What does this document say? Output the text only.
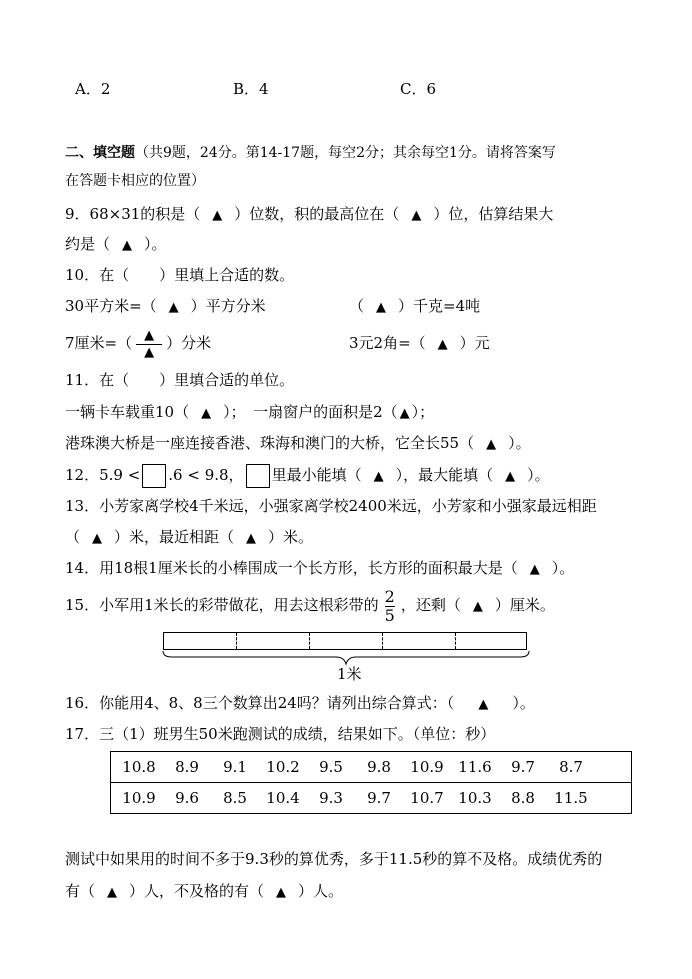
A．2	B．4	C．6
二、填空题（共9题，24分。第14-17题，每空2分；其余每空1分。请将答案写
在答题卡相应的位置）
9．68×31的积是（ ▲ ）位数，积的最高位在（ ▲ ）位，估算结果大
约是（ ▲ ）。
10．在（　　）里填上合适的数。
30平方米=（ ▲ ）平方分米	（ ▲ ）千克=4吨
7厘米=（ $\frac{▲}{▲}$ ）分米	3元2角=（ ▲ ）元
11．在（　　）里填合适的单位。
一辆卡车载重10（ ▲ ）；　一扇窗户的面积是2（ ▲ ）；
港珠澳大桥是一座连接香港、珠海和澳门的大桥，它全长55（ ▲ ）。
12．5.9 < .6 < 9.8， 里最小能填（ ▲ ），最大能填（ ▲ ）。
13．小芳家离学校4千米远，小强家离学校2400米远，小芳家和小强家最远相距
（ ▲ ）米，最近相距（ ▲ ）米。
14．用18根1厘米长的小棒围成一个长方形，长方形的面积最大是（ ▲ ）。
15．小军用1米长的彩带做花，用去这根彩带的 $\frac{2}{5}$ ，还剩（ ▲ ）厘米。
1米
16．你能用4、8、8三个数算出24吗？请列出综合算式：（ ▲ ）。
17．三（1）班男生50米跑测试的成绩，结果如下。（单位：秒）
10.8 8.9 9.1 10.2 9.5 9.8 10.9 11.6 9.7 8.7
10.9 9.6 8.5 10.4 9.3 9.7 10.7 10.3 8.8 11.5
测试中如果用的时间不多于9.3秒的算优秀，多于11.5秒的算不及格。成绩优秀的
有（ ▲ ）人，不及格的有（ ▲ ）人。
